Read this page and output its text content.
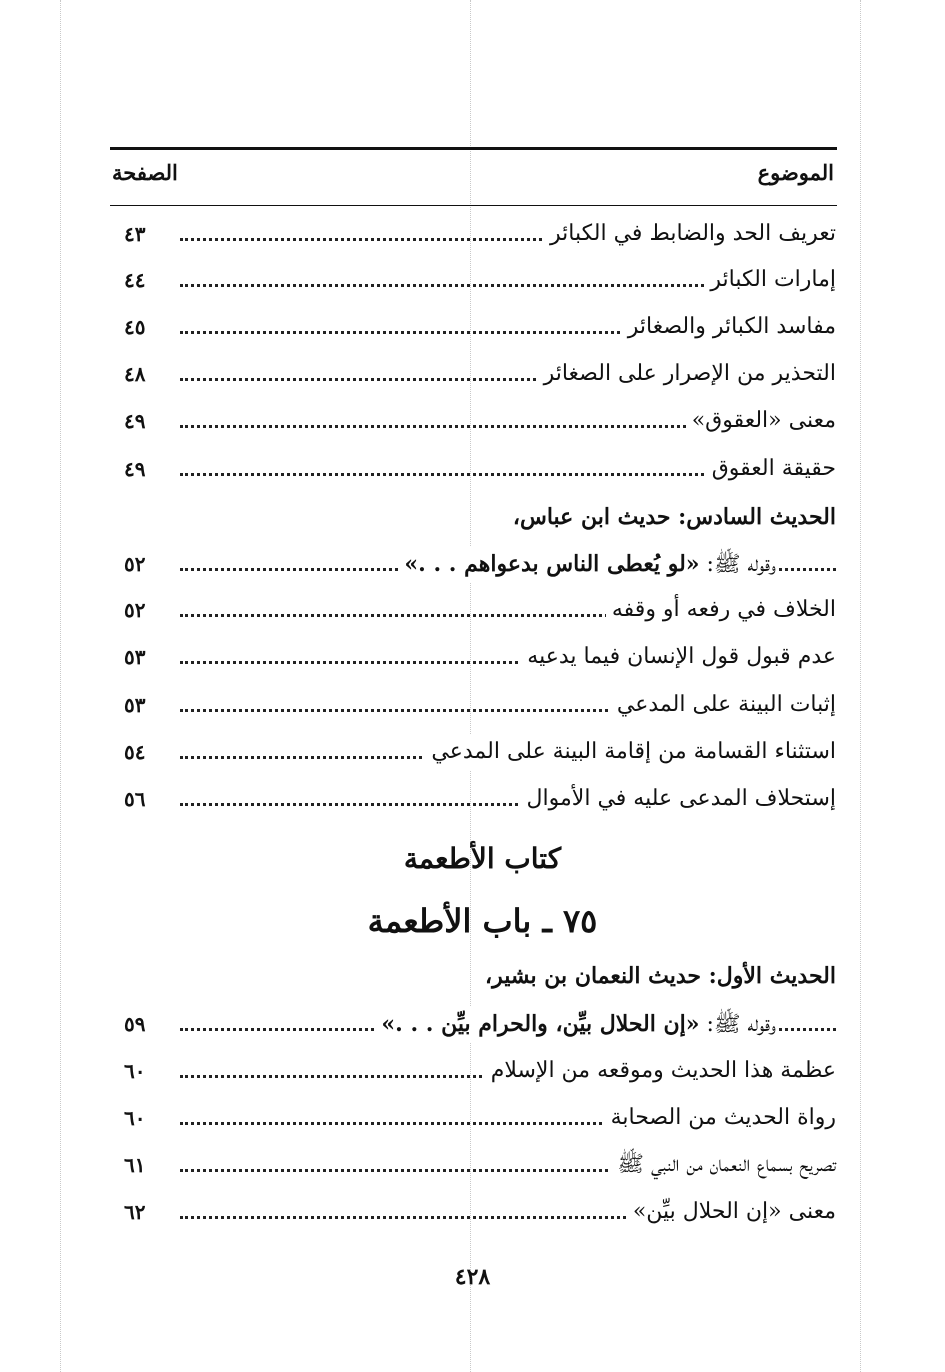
الموضوع
الصفحة
تعريف الحد والضابط في الكبائر
٤٣
إمارات الكبائر
٤٤
مفاسد الكبائر والصغائر
٤٥
التحذير من الإصرار على الصغائر
٤٨
معنى «العقوق»
٤٩
حقيقة العقوق
٤٩
الحديث السادس: حديث ابن عباس،
وقوله ﷺ: «لو يُعطى الناس بدعواهم . . .»
٥٢
الخلاف في رفعه أو وقفه
٥٢
عدم قبول قول الإنسان فيما يدعيه
٥٣
إثبات البينة على المدعي
٥٣
استثناء القسامة من إقامة البينة على المدعي
٥٤
إستحلاف المدعى عليه في الأموال
٥٦
كتاب الأطعمة
٧٥ ـ باب الأطعمة
الحديث الأول: حديث النعمان بن بشير،
وقوله ﷺ: «إن الحلال بيِّن، والحرام بيِّن . . .»
٥٩
عظمة هذا الحديث وموقعه من الإسلام
٦٠
رواة الحديث من الصحابة
٦٠
تصريح بسماع النعمان من النبي ﷺ
٦١
معنى «إن الحلال بيِّن»
٦٢
٤٢٨
